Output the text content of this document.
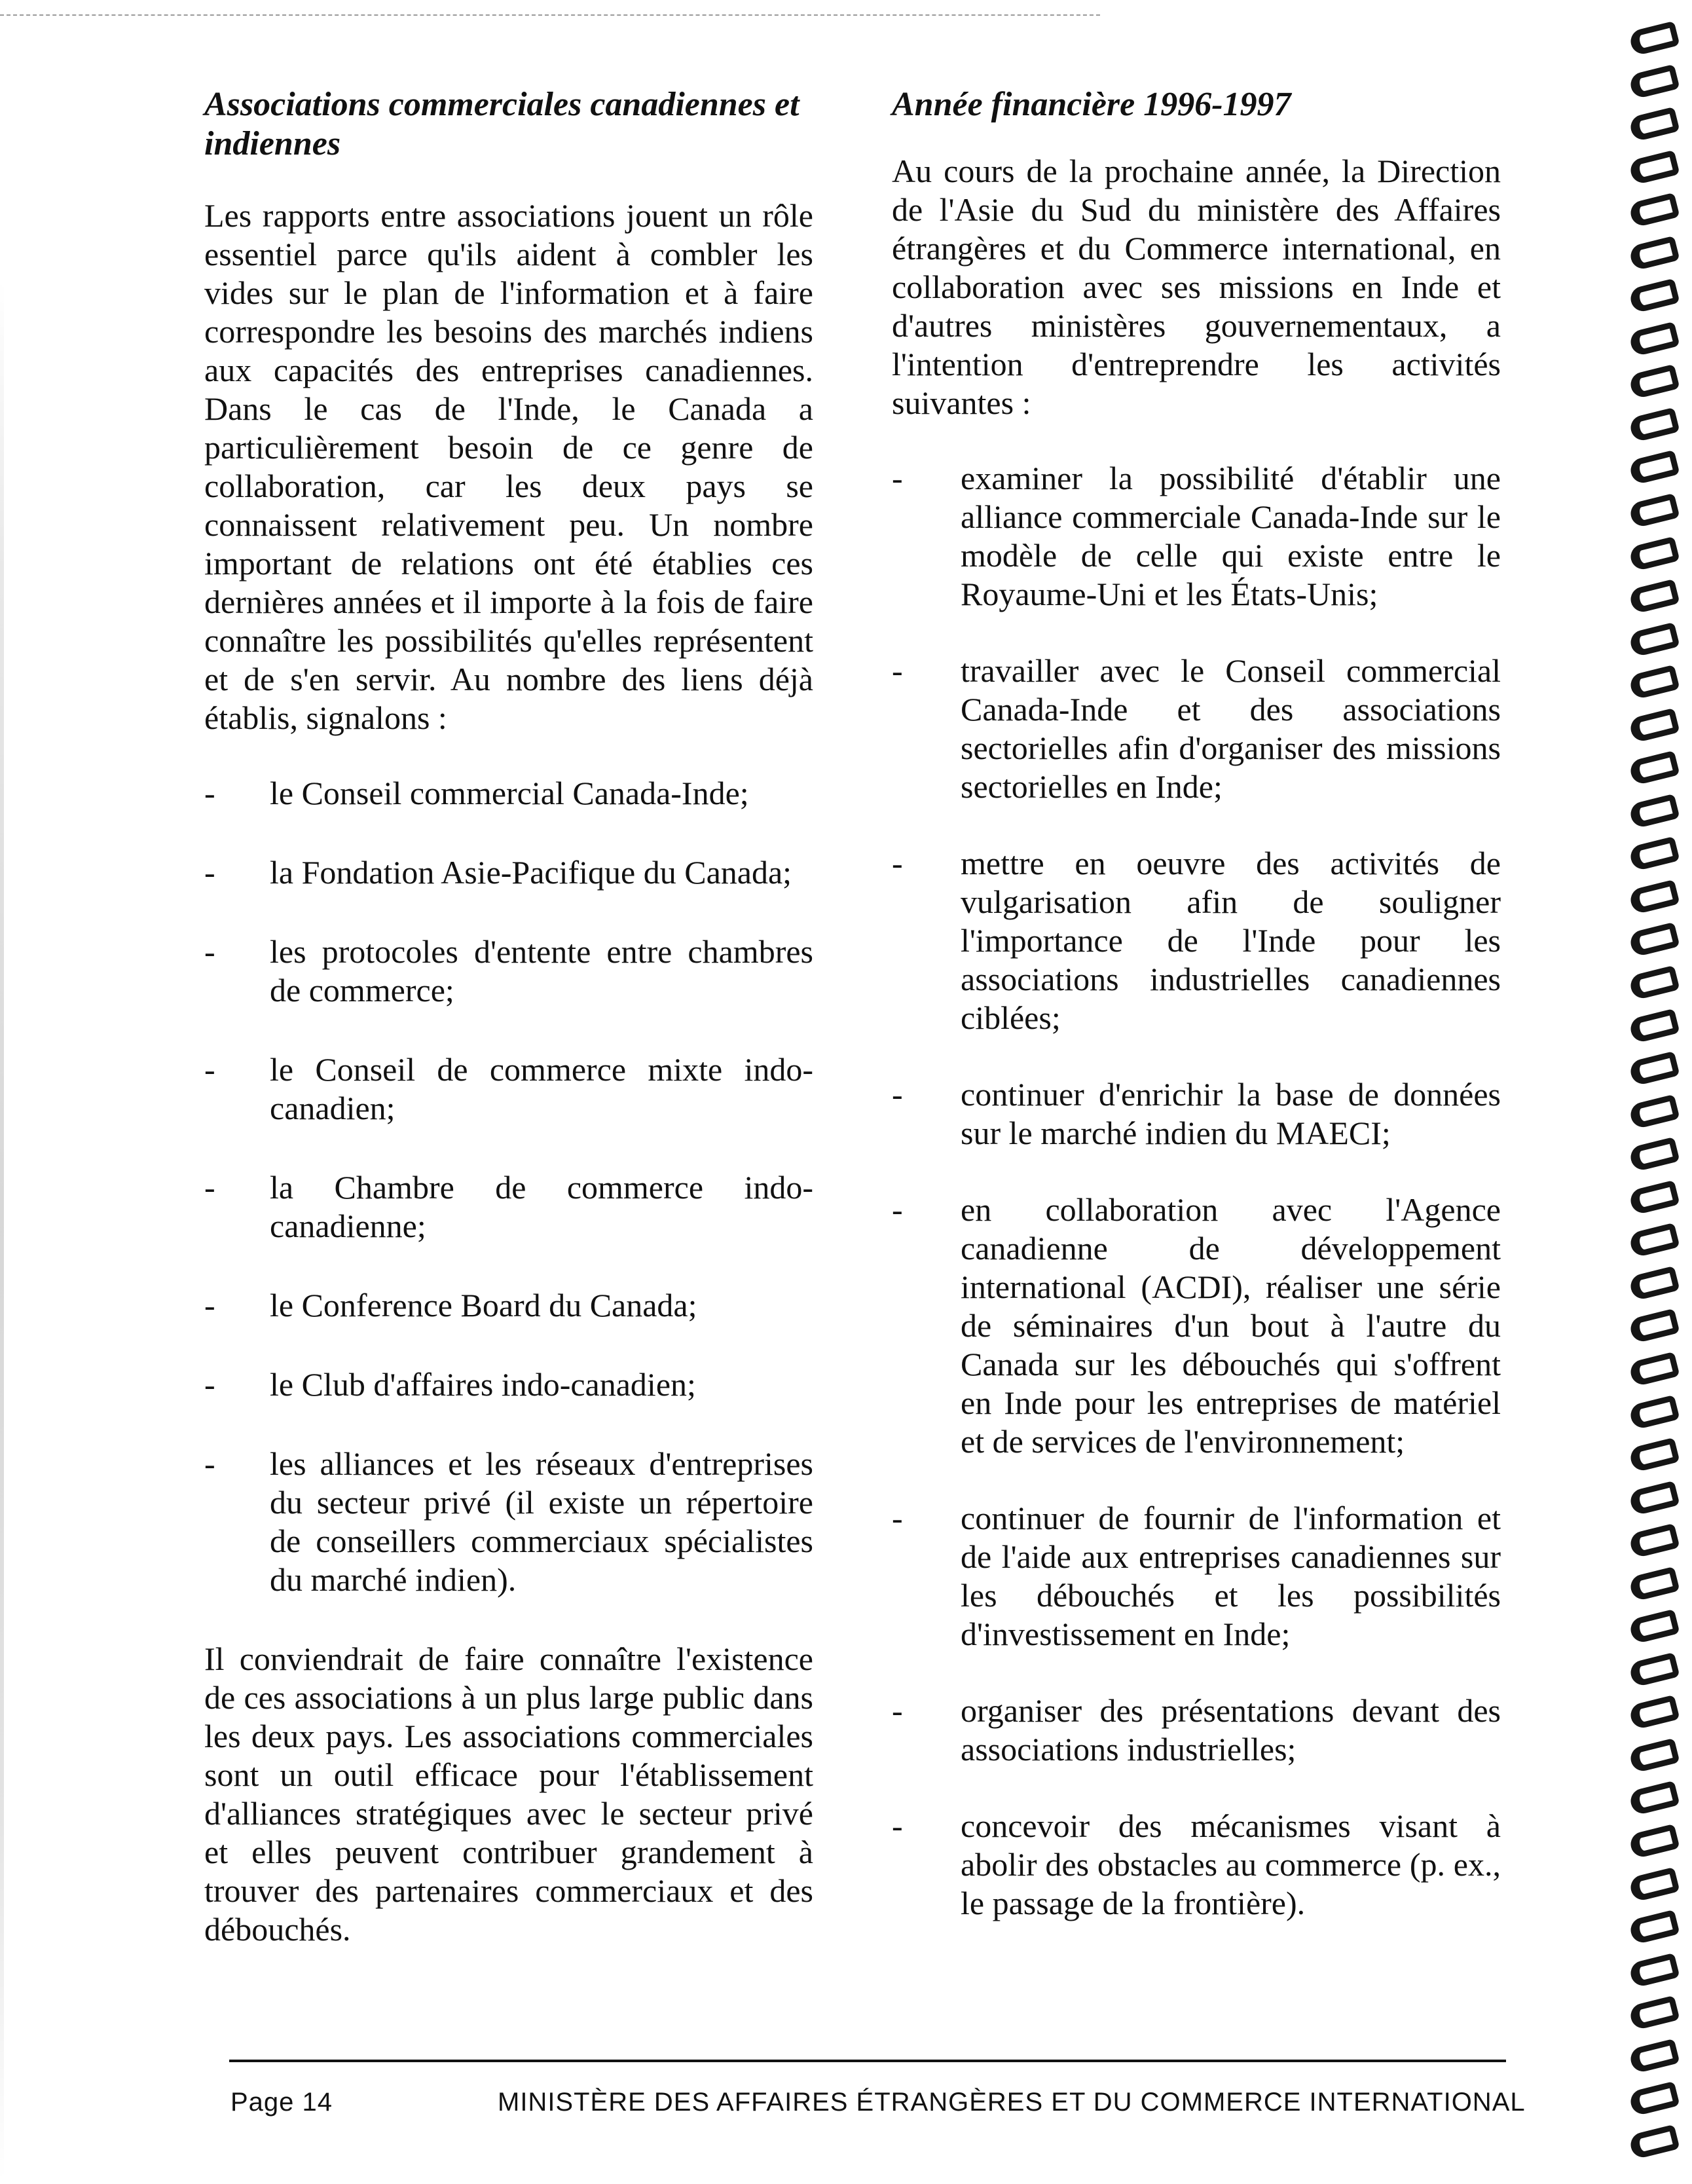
Associations commerciales canadiennes et indiennes

Les rapports entre associations jouent un rôle essentiel parce qu'ils aident à combler les vides sur le plan de l'information et à faire correspondre les besoins des marchés indiens aux capacités des entreprises canadiennes. Dans le cas de l'Inde, le Canada a particulièrement besoin de ce genre de collaboration, car les deux pays se connaissent relativement peu. Un nombre important de relations ont été établies ces dernières années et il importe à la fois de faire connaître les possibilités qu'elles représentent et de s'en servir. Au nombre des liens déjà établis, signalons :

- le Conseil commercial Canada-Inde;
- la Fondation Asie-Pacifique du Canada;
- les protocoles d'entente entre chambres de commerce;
- le Conseil de commerce mixte indo-canadien;
- la Chambre de commerce indo-canadienne;
- le Conference Board du Canada;
- le Club d'affaires indo-canadien;
- les alliances et les réseaux d'entreprises du secteur privé (il existe un répertoire de conseillers commerciaux spécialistes du marché indien).

Il conviendrait de faire connaître l'existence de ces associations à un plus large public dans les deux pays. Les associations commerciales sont un outil efficace pour l'établissement d'alliances stratégiques avec le secteur privé et elles peuvent contribuer grandement à trouver des partenaires commerciaux et des débouchés.

Année financière 1996-1997

Au cours de la prochaine année, la Direction de l'Asie du Sud du ministère des Affaires étrangères et du Commerce international, en collaboration avec ses missions en Inde et d'autres ministères gouvernementaux, a l'intention d'entreprendre les activités suivantes :

- examiner la possibilité d'établir une alliance commerciale Canada-Inde sur le modèle de celle qui existe entre le Royaume-Uni et les États-Unis;
- travailler avec le Conseil commercial Canada-Inde et des associations sectorielles afin d'organiser des missions sectorielles en Inde;
- mettre en oeuvre des activités de vulgarisation afin de souligner l'importance de l'Inde pour les associations industrielles canadiennes ciblées;
- continuer d'enrichir la base de données sur le marché indien du MAECI;
- en collaboration avec l'Agence canadienne de développement international (ACDI), réaliser une série de séminaires d'un bout à l'autre du Canada sur les débouchés qui s'offrent en Inde pour les entreprises de matériel et de services de l'environnement;
- continuer de fournir de l'information et de l'aide aux entreprises canadiennes sur les débouchés et les possibilités d'investissement en Inde;
- organiser des présentations devant des associations industrielles;
- concevoir des mécanismes visant à abolir des obstacles au commerce (p. ex., le passage de la frontière).
Page 14	MINISTÈRE DES AFFAIRES ÉTRANGÈRES ET DU COMMERCE INTERNATIONAL
